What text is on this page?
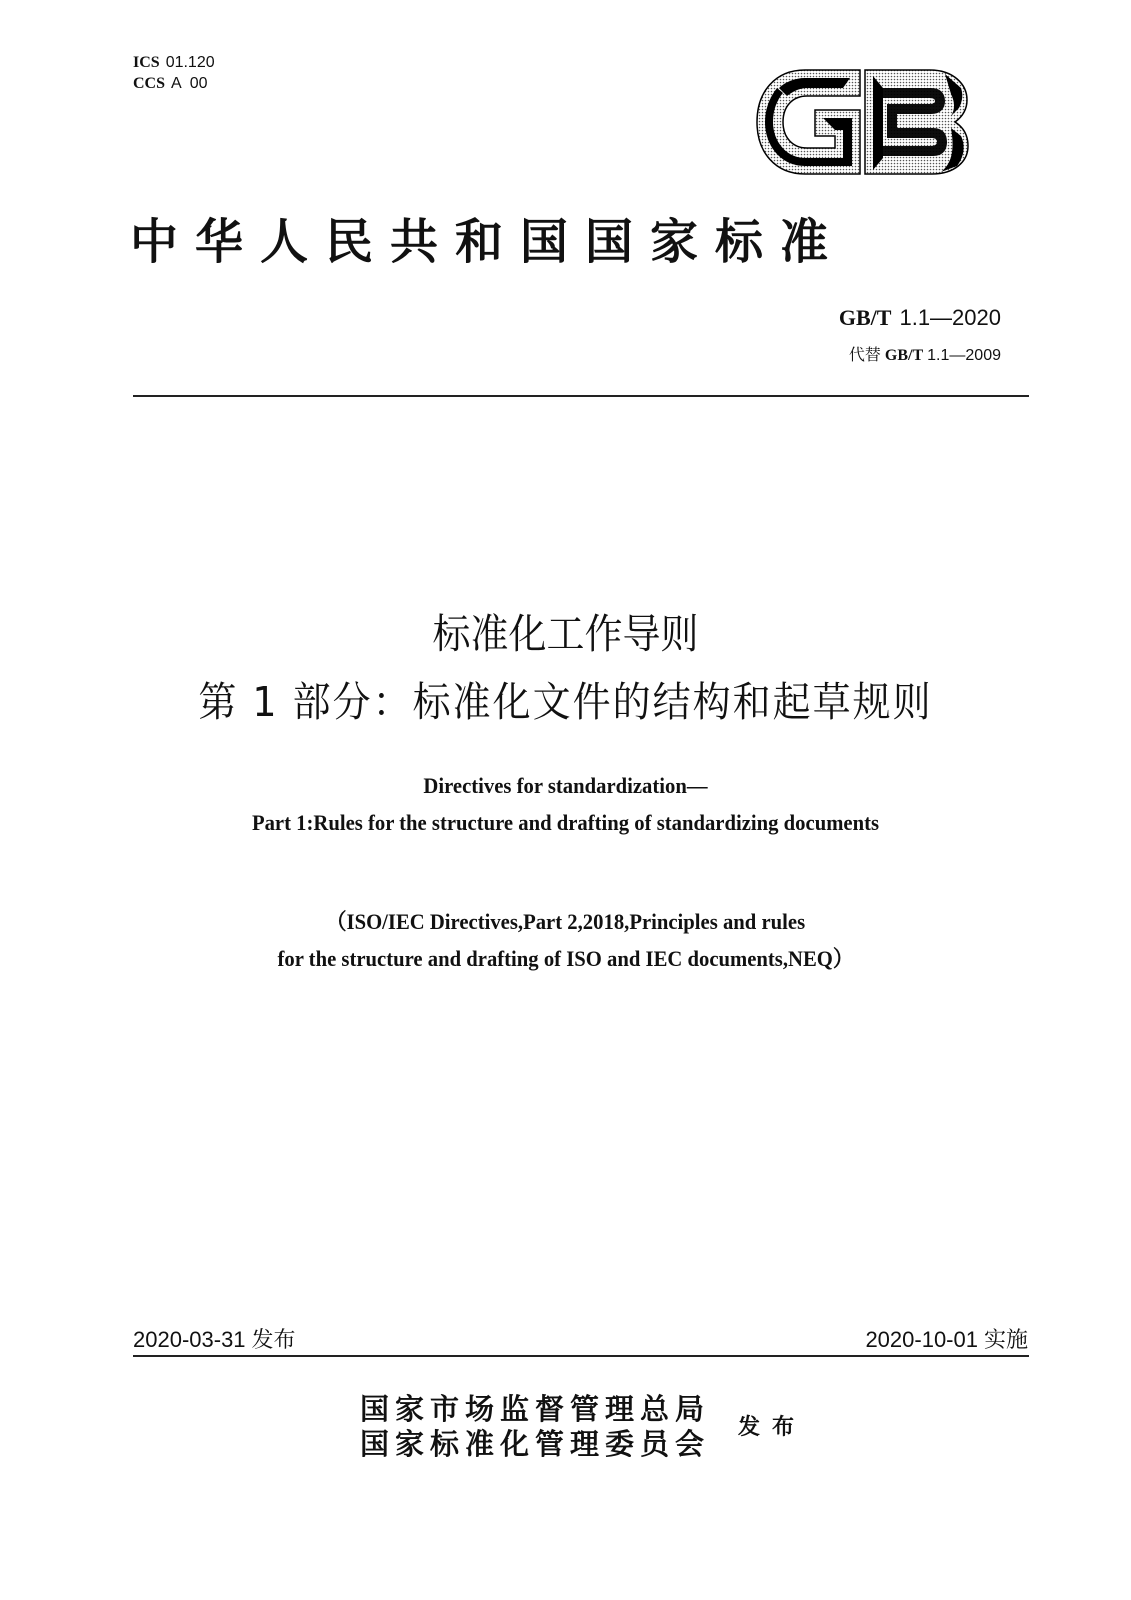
ICS 01.120
CCS A  00
中华人民共和国国家标准
GB/T 1.1—2020
代替 GB/T 1.1—2009
标准化工作导则
第 1 部分：标准化文件的结构和起草规则
Directives for standardization—
Part 1:Rules for the structure and drafting of standardizing documents
（ISO/IEC Directives,Part 2,2018,Principles and rules
for the structure and drafting of ISO and IEC documents,NEQ）
2020-03-31 发布	2020-10-01 实施
国家市场监督管理总局
国家标准化管理委员会 发布
